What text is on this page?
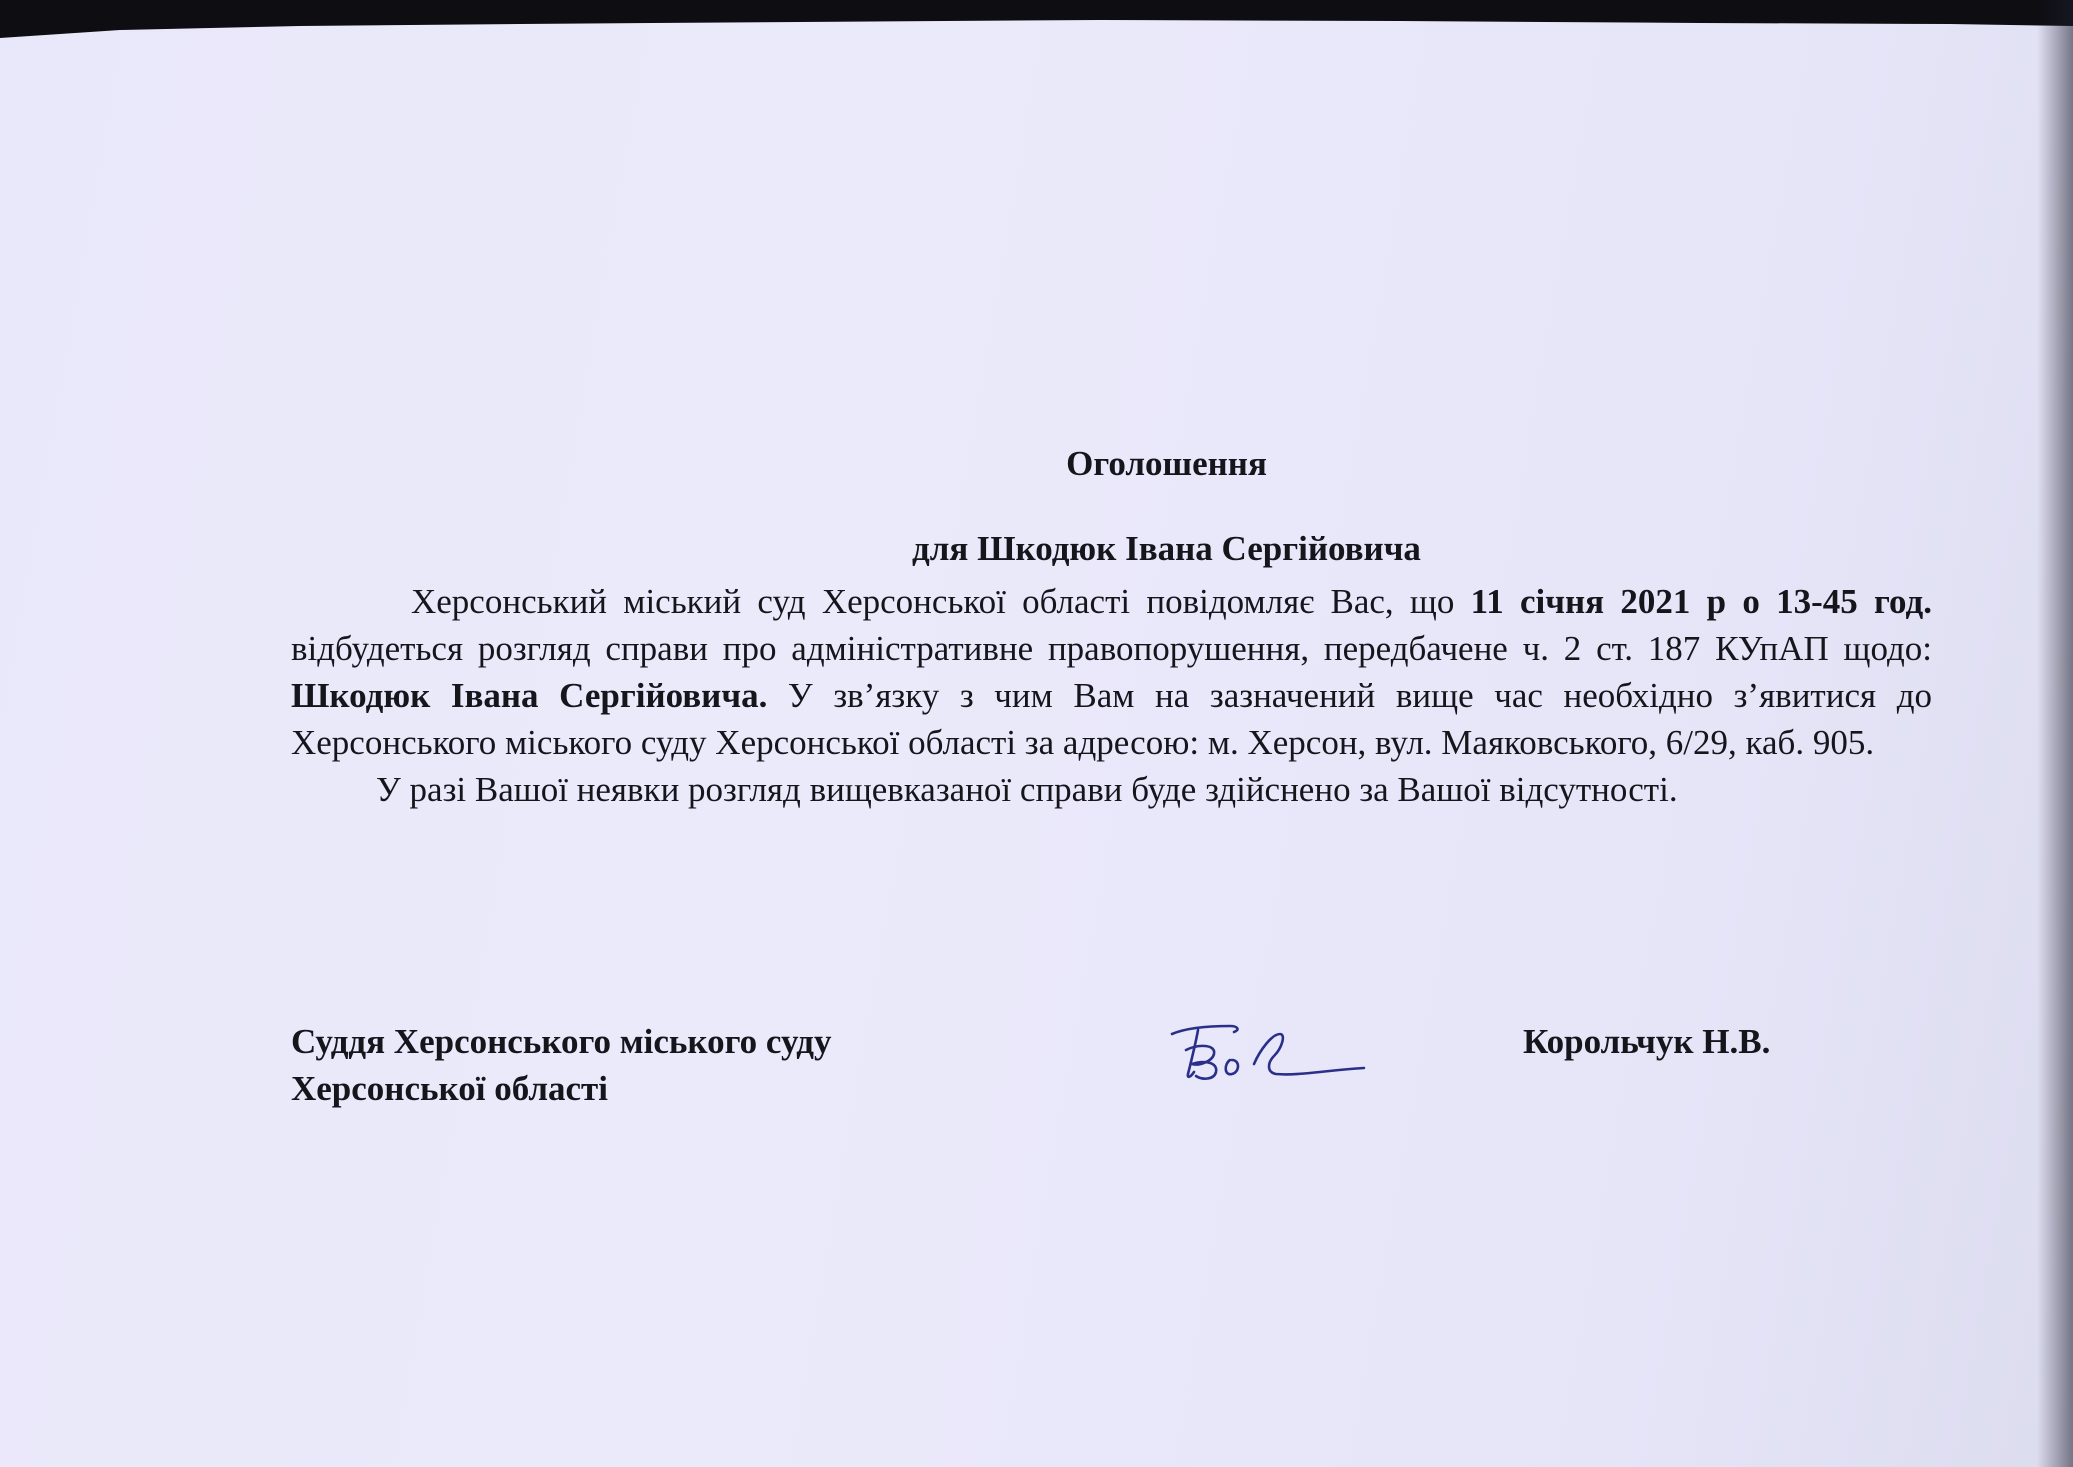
Оголошення

для Шкодюк Івана Сергійовича

Херсонський міський суд Херсонської області повідомляє Вас, що 11 січня 2021 р о 13-45 год. відбудеться розгляд справи про адміністративне правопорушення, передбачене ч. 2 ст. 187 КУпАП щодо: Шкодюк Івана Сергійовича. У зв’язку з чим Вам на зазначений вище час необхідно з’явитися до Херсонського міського суду Херсонської області за адресою: м. Херсон, вул. Маяковського, 6/29, каб. 905.

У разі Вашої неявки розгляд вищевказаної справи буде здійснено за Вашої відсутності.

Суддя Херсонського міського суду
Херсонської області
Корольчук Н.В.
